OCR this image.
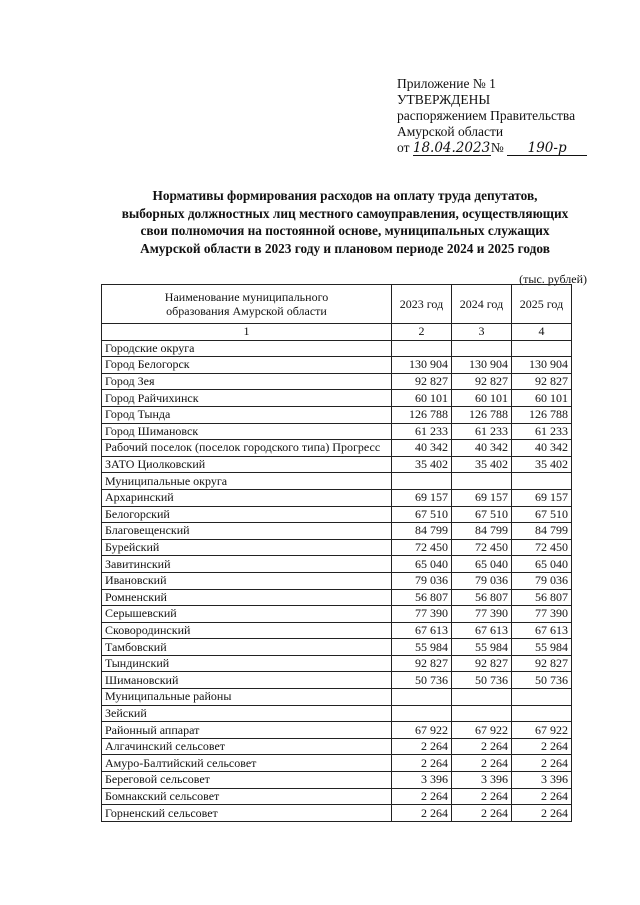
Приложение № 1
УТВЕРЖДЕНЫ
распоряжением Правительства
Амурской области
от 18.04.2023№ 190-р
Нормативы формирования расходов на оплату труда депутатов,
выборных должностных лиц местного самоуправления, осуществляющих
свои полномочия на постоянной основе, муниципальных служащих
Амурской области в 2023 году и плановом периоде 2024 и 2025 годов
(тыс. рублей)
Наименование муниципального образования Амурской области	2023 год	2024 год	2025 год
1	2	3	4
Городские округа			
Город Белогорск	130 904	130 904	130 904
Город Зея	92 827	92 827	92 827
Город Райчихинск	60 101	60 101	60 101
Город Тында	126 788	126 788	126 788
Город Шимановск	61 233	61 233	61 233
Рабочий поселок (поселок городского типа) Прогресс	40 342	40 342	40 342
ЗАТО Циолковский	35 402	35 402	35 402
Муниципальные округа			
Архаринский	69 157	69 157	69 157
Белогорский	67 510	67 510	67 510
Благовещенский	84 799	84 799	84 799
Бурейский	72 450	72 450	72 450
Завитинский	65 040	65 040	65 040
Ивановский	79 036	79 036	79 036
Ромненский	56 807	56 807	56 807
Серышевский	77 390	77 390	77 390
Сковородинский	67 613	67 613	67 613
Тамбовский	55 984	55 984	55 984
Тындинский	92 827	92 827	92 827
Шимановский	50 736	50 736	50 736
Муниципальные районы			
Зейский			
Районный аппарат	67 922	67 922	67 922
Алгачинский сельсовет	2 264	2 264	2 264
Амуро-Балтийский сельсовет	2 264	2 264	2 264
Береговой сельсовет	3 396	3 396	3 396
Бомнакский сельсовет	2 264	2 264	2 264
Горненский сельсовет	2 264	2 264	2 264
